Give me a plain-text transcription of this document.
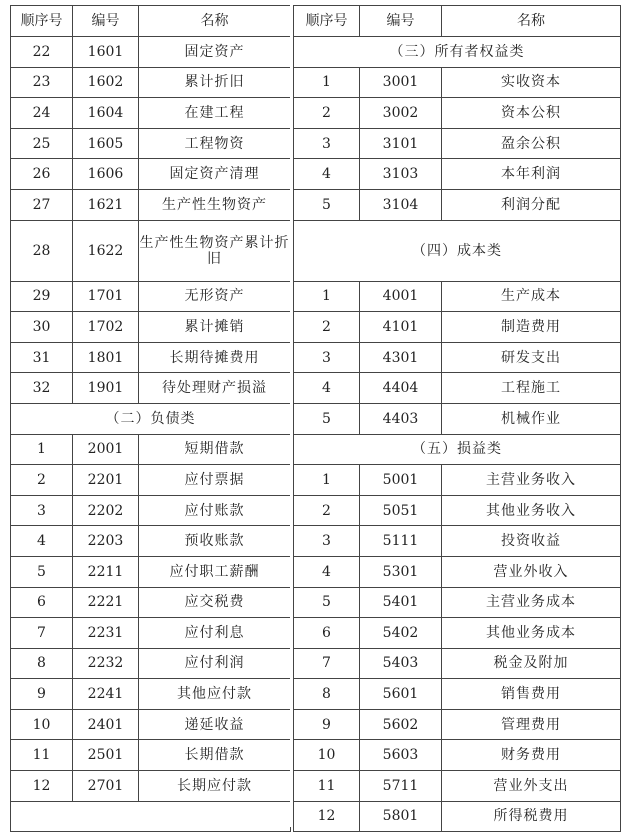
顺序号	编号	名称
22	1601	固定资产
23	1602	累计折旧
24	1604	在建工程
25	1605	工程物资
26	1606	固定资产清理
27	1621	生产性生物资产
28	1622	生产性生物资产累计折旧
29	1701	无形资产
30	1702	累计摊销
31	1801	长期待摊费用
32	1901	待处理财产损溢
（二）负债类		
1	2001	短期借款
2	2201	应付票据
3	2202	应付账款
4	2203	预收账款
5	2211	应付职工薪酬
6	2221	应交税费
7	2231	应付利息
8	2232	应付利润
9	2241	其他应付款
10	2401	递延收益
11	2501	长期借款
12	2701	长期应付款

顺序号	编号	名称
（三）所有者权益类		
1	3001	实收资本
2	3002	资本公积
3	3101	盈余公积
4	3103	本年利润
5	3104	利润分配
（四）成本类		
1	4001	生产成本
2	4101	制造费用
3	4301	研发支出
4	4404	工程施工
5	4403	机械作业
（五）损益类		
1	5001	主营业务收入
2	5051	其他业务收入
3	5111	投资收益
4	5301	营业外收入
5	5401	主营业务成本
6	5402	其他业务成本
7	5403	税金及附加
8	5601	销售费用
9	5602	管理费用
10	5603	财务费用
11	5711	营业外支出
12	5801	所得税费用
